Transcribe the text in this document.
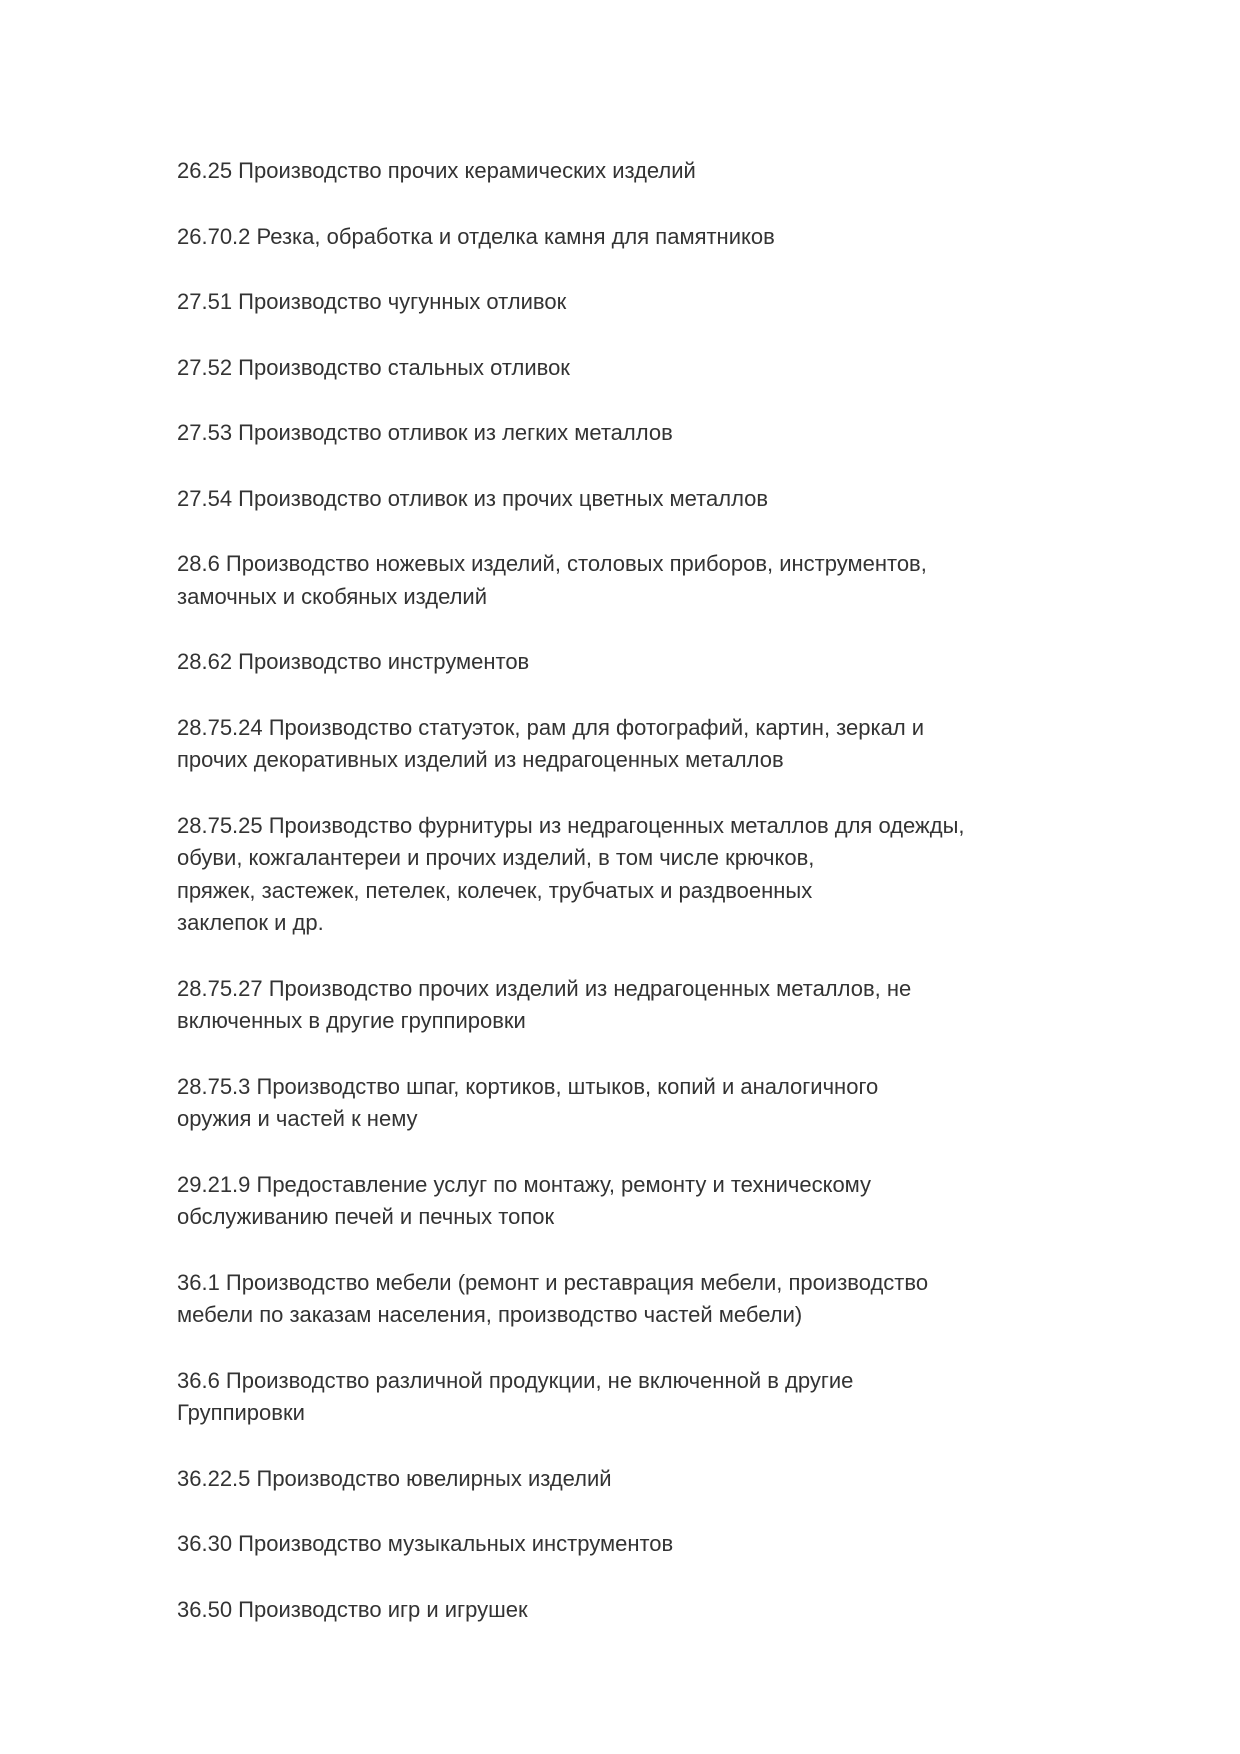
26.25 Производство прочих керамических изделий

26.70.2 Резка, обработка и отделка камня для памятников

27.51 Производство чугунных отливок

27.52 Производство стальных отливок

27.53 Производство отливок из легких металлов

27.54 Производство отливок из прочих цветных металлов

28.6 Производство ножевых изделий, столовых приборов, инструментов,
замочных и скобяных изделий

28.62 Производство инструментов

28.75.24 Производство статуэток, рам для фотографий, картин, зеркал и
прочих декоративных изделий из недрагоценных металлов

28.75.25 Производство фурнитуры из недрагоценных металлов для одежды,
обуви, кожгалантереи и прочих изделий, в том числе крючков,
пряжек, застежек, петелек, колечек, трубчатых и раздвоенных
заклепок и др.

28.75.27 Производство прочих изделий из недрагоценных металлов, не
включенных в другие группировки

28.75.3 Производство шпаг, кортиков, штыков, копий и аналогичного
оружия и частей к нему

29.21.9 Предоставление услуг по монтажу, ремонту и техническому
обслуживанию печей и печных топок

36.1 Производство мебели (ремонт и реставрация мебели, производство
мебели по заказам населения, производство частей мебели)

36.6 Производство различной продукции, не включенной в другие
Группировки

36.22.5 Производство ювелирных изделий

36.30 Производство музыкальных инструментов

36.50 Производство игр и игрушек
